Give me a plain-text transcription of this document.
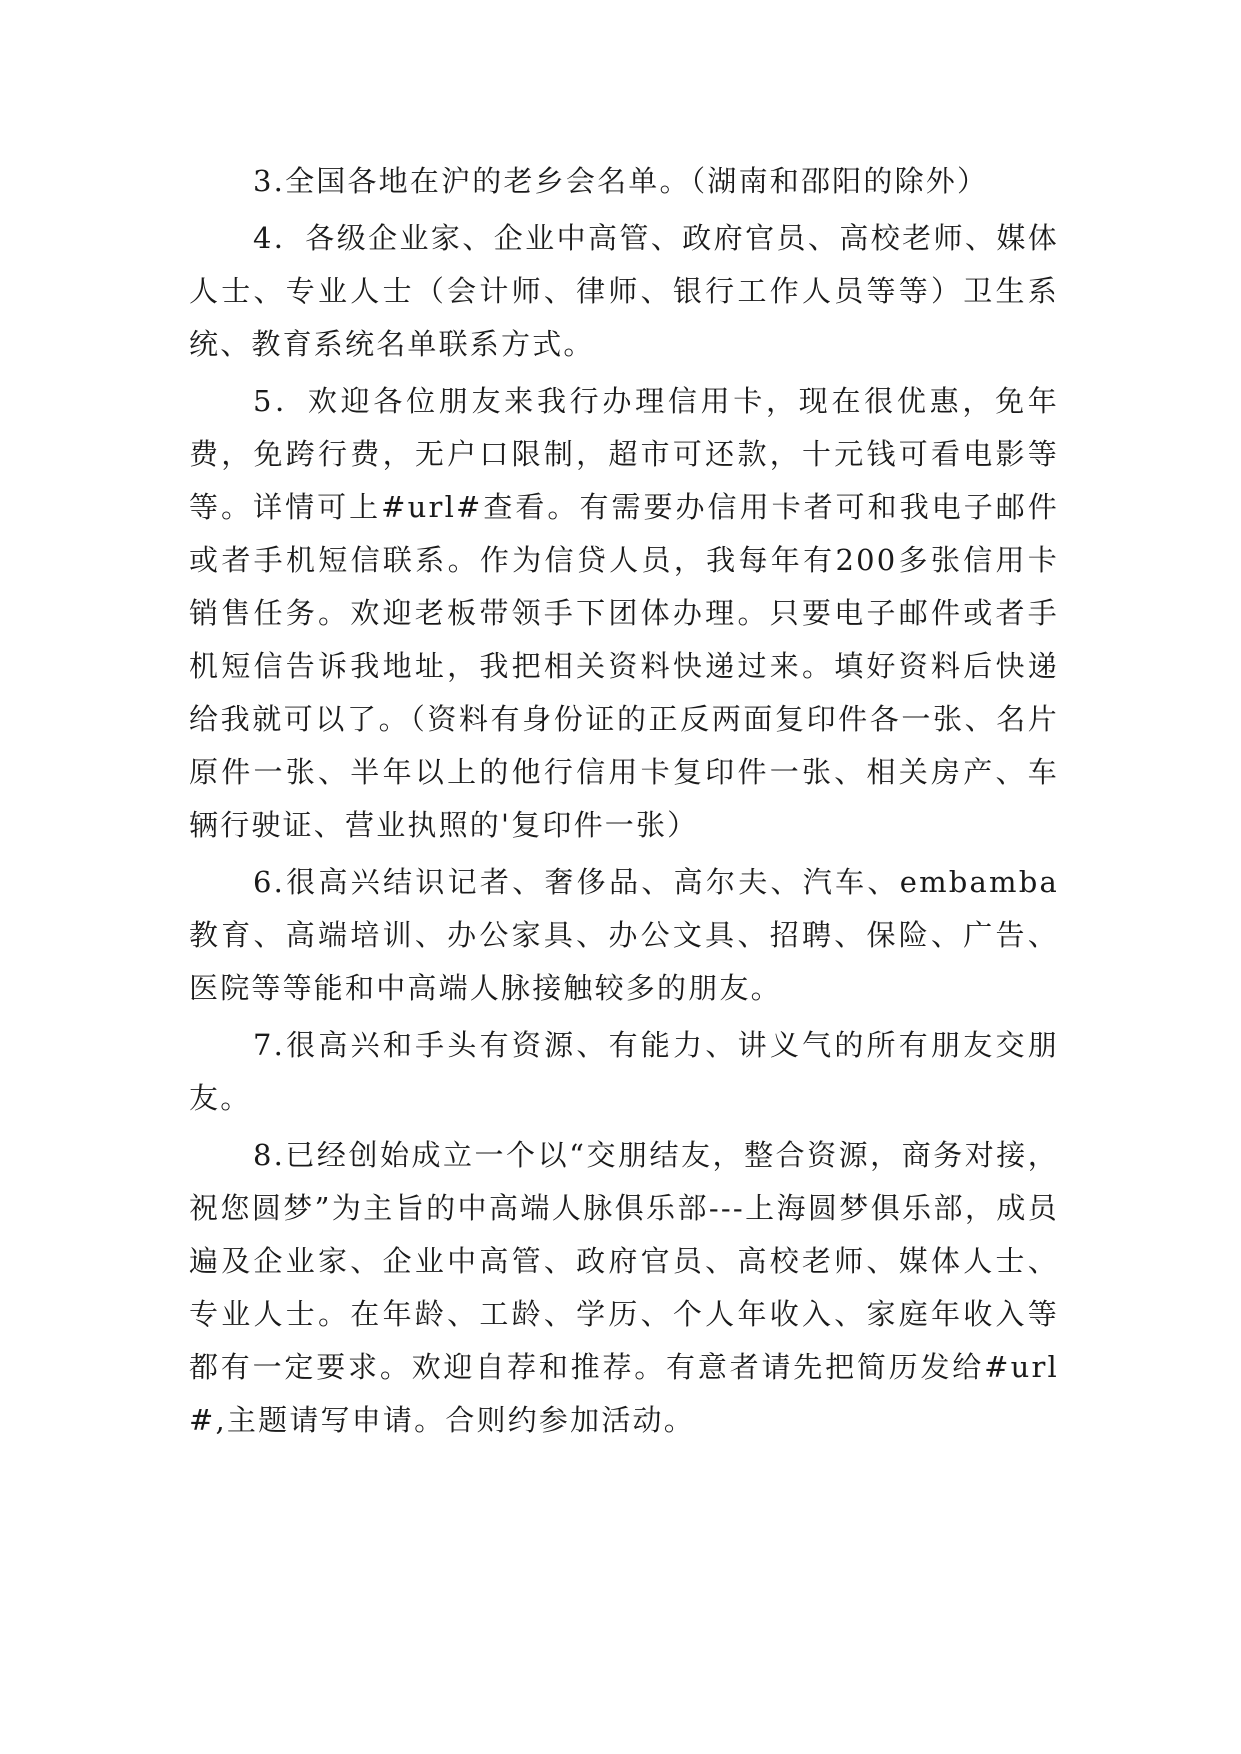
3.全国各地在沪的老乡会名单。（湖南和邵阳的除外）

4．各级企业家、企业中高管、政府官员、高校老师、媒体人士、专业人士（会计师、律师、银行工作人员等等）卫生系统、教育系统名单联系方式。

5．欢迎各位朋友来我行办理信用卡，现在很优惠，免年费，免跨行费，无户口限制，超市可还款，十元钱可看电影等等。详情可上#url#查看。有需要办信用卡者可和我电子邮件或者手机短信联系。作为信贷人员，我每年有200多张信用卡销售任务。欢迎老板带领手下团体办理。只要电子邮件或者手机短信告诉我地址，我把相关资料快递过来。填好资料后快递给我就可以了。（资料有身份证的正反两面复印件各一张、名片原件一张、半年以上的他行信用卡复印件一张、相关房产、车辆行驶证、营业执照的'复印件一张）

6.很高兴结识记者、奢侈品、高尔夫、汽车、embamba教育、高端培训、办公家具、办公文具、招聘、保险、广告、医院等等能和中高端人脉接触较多的朋友。

7.很高兴和手头有资源、有能力、讲义气的所有朋友交朋友。

8.已经创始成立一个以“交朋结友，整合资源，商务对接，祝您圆梦”为主旨的中高端人脉俱乐部---上海圆梦俱乐部，成员遍及企业家、企业中高管、政府官员、高校老师、媒体人士、专业人士。在年龄、工龄、学历、个人年收入、家庭年收入等都有一定要求。欢迎自荐和推荐。有意者请先把简历发给#url#,主题请写申请。合则约参加活动。
